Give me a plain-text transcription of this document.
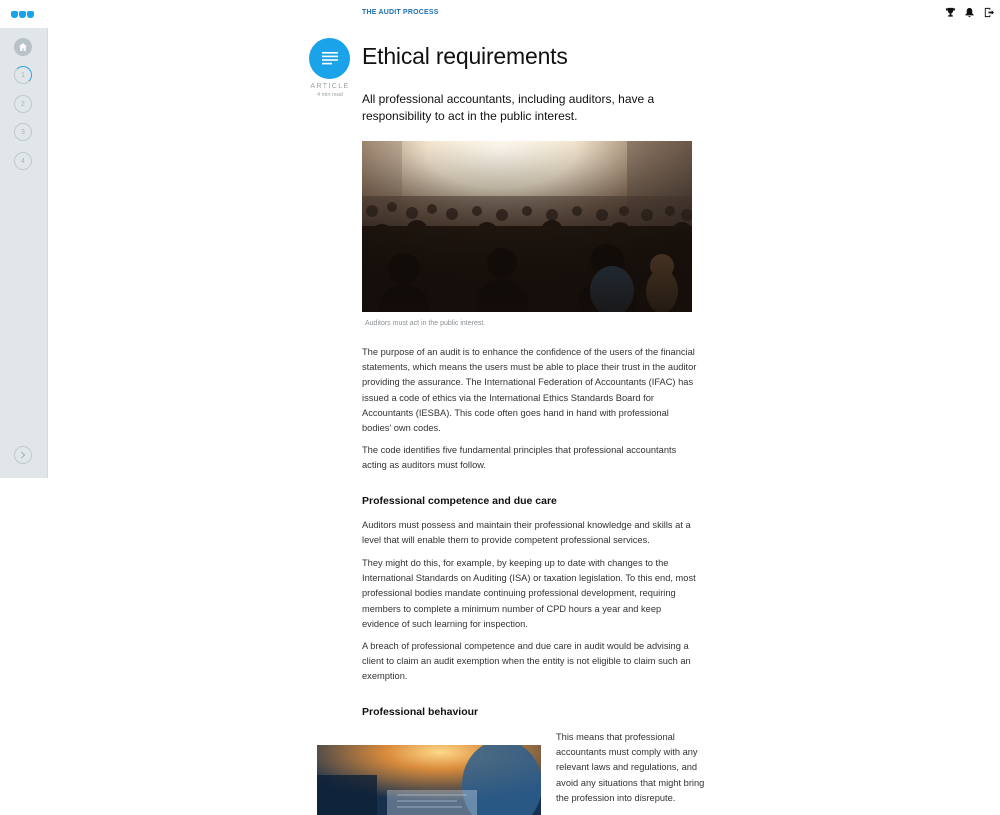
THE AUDIT PROCESS
1
2
3
4
ARTICLE
4 min read
Ethical requirements

All professional accountants, including auditors, have a responsibility to act in the public interest.

Auditors must act in the public interest.

The purpose of an audit is to enhance the confidence of the users of the financial statements, which means the users must be able to place their trust in the auditor providing the assurance. The International Federation of Accountants (IFAC) has issued a code of ethics via the International Ethics Standards Board for Accountants (IESBA). This code often goes hand in hand with professional bodies' own codes.

The code identifies five fundamental principles that professional accountants acting as auditors must follow.

Professional competence and due care

Auditors must possess and maintain their professional knowledge and skills at a level that will enable them to provide competent professional services.

They might do this, for example, by keeping up to date with changes to the International Standards on Auditing (ISA) or taxation legislation. To this end, most professional bodies mandate continuing professional development, requiring members to complete a minimum number of CPD hours a year and keep evidence of such learning for inspection.

A breach of professional competence and due care in audit would be advising a client to claim an audit exemption when the entity is not eligible to claim such an exemption.

Professional behaviour

This means that professional accountants must comply with any relevant laws and regulations, and avoid any situations that might bring the profession into disrepute.
